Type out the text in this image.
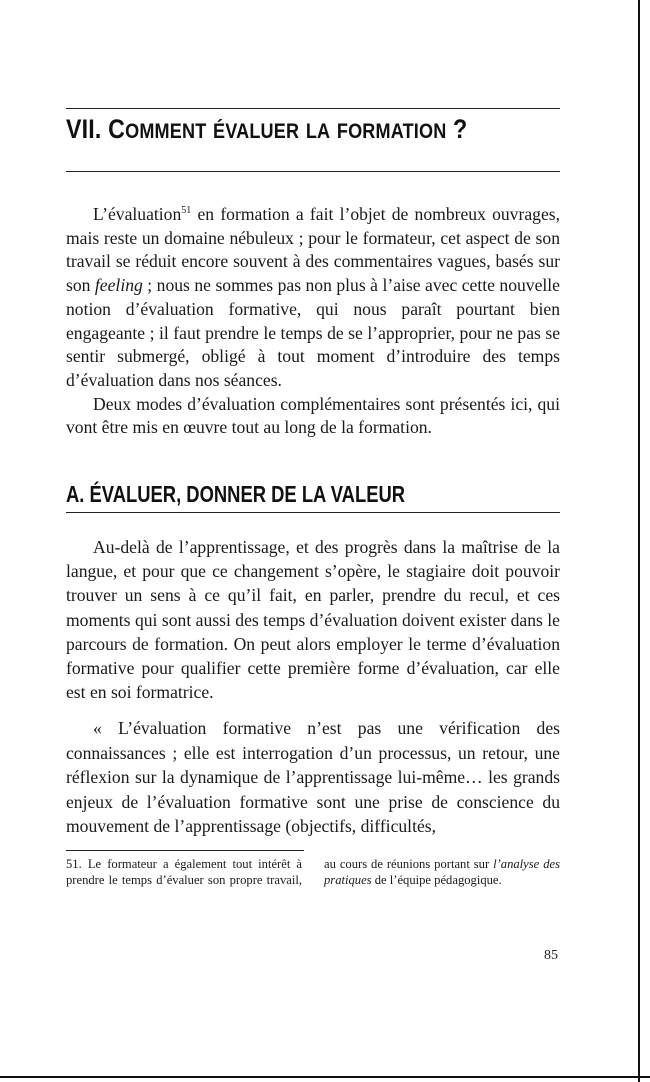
VII. COMMENT ÉVALUER LA FORMATION ?

L’évaluation$^{51}$ en formation a fait l’objet de nombreux ouvrages, mais reste un domaine nébuleux ; pour le formateur, cet aspect de son travail se réduit encore souvent à des commentaires vagues, basés sur son feeling ; nous ne sommes pas non plus à l’aise avec cette nouvelle notion d’évaluation formative, qui nous paraît pourtant bien engageante ; il faut prendre le temps de se l’approprier, pour ne pas se sentir submergé, obligé à tout moment d’introduire des temps d’évaluation dans nos séances.

Deux modes d’évaluation complémentaires sont présentés ici, qui vont être mis en œuvre tout au long de la formation.

A. ÉVALUER, DONNER DE LA VALEUR

Au-delà de l’apprentissage, et des progrès dans la maîtrise de la langue, et pour que ce changement s’opère, le stagiaire doit pouvoir trouver un sens à ce qu’il fait, en parler, prendre du recul, et ces moments qui sont aussi des temps d’évaluation doivent exister dans le parcours de formation. On peut alors employer le terme d’évaluation formative pour qualifier cette première forme d’évaluation, car elle est en soi formatrice.

« L’évaluation formative n’est pas une vérification des connaissances ; elle est interrogation d’un processus, un retour, une réflexion sur la dynamique de l’apprentissage lui-même… les grands enjeux de l’évaluation formative sont une prise de conscience du mouvement de l’apprentissage (objectifs, difficultés,

51. Le formateur a également tout intérêt à prendre le temps d’évaluer son propre travail, au cours de réunions portant sur l’analyse des pratiques de l’équipe pédagogique.

85
